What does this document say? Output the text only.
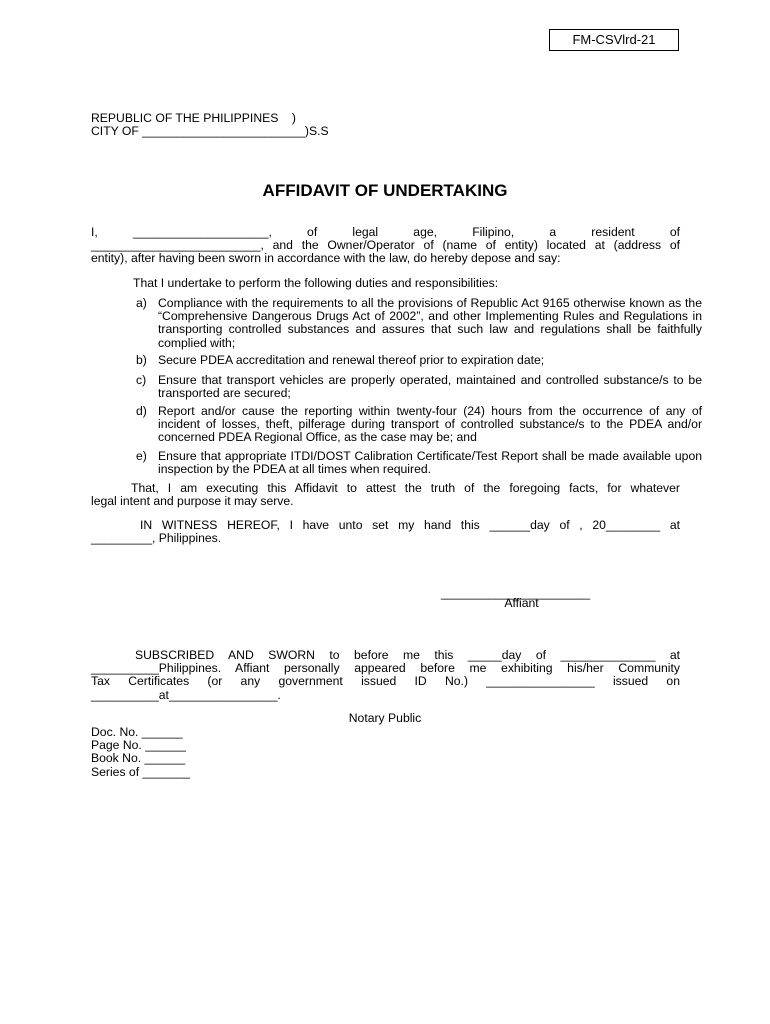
FM-CSVlrd-21
REPUBLIC OF THE PHILIPPINES    )
CITY OF ________________________)S.S
AFFIDAVIT OF UNDERTAKING
I,          ____________________,          of          legal          age,          Filipino,          a          resident          of
_________________________, and the Owner/Operator of (name of entity) located at (address of
entity), after having been sworn in accordance with the law, do hereby depose and say:
That I undertake to perform the following duties and responsibilities:
a) Compliance with the requirements to all the provisions of Republic Act 9165 otherwise known as the “Comprehensive Dangerous Drugs Act of 2002”, and other Implementing Rules and Regulations in transporting controlled substances and assures that such law and regulations shall be faithfully complied with;
b) Secure PDEA accreditation and renewal thereof prior to expiration date;
c) Ensure that transport vehicles are properly operated, maintained and controlled substance/s to be transported are secured;
d) Report and/or cause the reporting within twenty-four (24) hours from the occurrence of any of incident of losses, theft, pilferage during transport of controlled substance/s to the PDEA and/or concerned PDEA Regional Office, as the case may be; and
e) Ensure that appropriate ITDI/DOST Calibration Certificate/Test Report shall be made available upon inspection by the PDEA at all times when required.
That, I am executing this Affidavit to attest the truth of the foregoing facts, for whatever
legal intent and purpose it may serve.
IN WITNESS HEREOF, I have unto set my hand this ______day of , 20________ at
_________, Philippines.
______________________
Affiant
SUBSCRIBED AND SWORN to before me this _____day of ______________ at
__________Philippines. Affiant personally appeared before me exhibiting his/her Community
Tax Certificates (or any government issued ID No.) ________________ issued on
__________at________________.
Notary Public
Doc. No. ______
Page No. ______
Book No. ______
Series of _______
